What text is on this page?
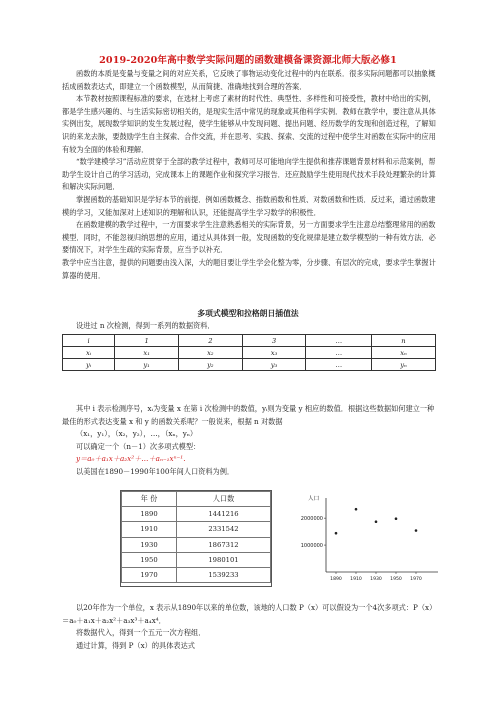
2019-2020年高中数学实际问题的函数建模备课资源北师大版必修1

函数的本质是变量与变量之间的对应关系，它反映了事物运动变化过程中的内在联系．很多实际问题都可以抽象概括成函数表达式，即建立一个函数模型，从而简捷、准确地找到合理的答案．

本节教材按照课程标准的要求，在选材上考虑了素材的时代性、典型性、多样性和可接受性，教材中给出的实例，都是学生感兴趣的、与生活实际密切相关的，是现实生活中常见的现象或其他科学实例．教师在教学中，要注意从具体实例出发，展现数学知识的发生发展过程，使学生能够从中发现问题、提出问题、经历数学的发现和创造过程，了解知识的来龙去脉，要鼓励学生自主探索、合作交流，并在思考、实践、探索、交流的过程中使学生对函数在实际中的应用有较为全面的体验和理解．

“数学建模学习”活动应贯穿于全部的教学过程中，教师可尽可能地向学生提供和推荐课题背景材料和示范案例，帮助学生设计自己的学习活动，完成课本上的课题作业和探究学习报告．还应鼓励学生使用现代技术手段处理繁杂的计算和解决实际问题．

掌握函数的基础知识是学好本节的前提．例如函数概念、指数函数和性质、对数函数和性质．反过来，通过函数建模的学习，又能加深对上述知识的理解和认识，还能提高学生学习数学的积极性．

在函数建模的教学过程中，一方面要求学生注意熟悉相关的实际背景，另一方面要求学生注意总结整理常用的函数模型．同时，不能忽视归纳思想的应用，通过从具体到一般，发现函数的变化规律是建立数学模型的一种有效方法．必要情况下，对学生生疏的实际背景，应当予以补充．

教学中应当注意，提供的问题要由浅入深，大的题目要让学生学会化整为零，分步骤、有层次的完成，要求学生掌握计算器的使用．

多项式模型和拉格朗日插值法
设进过 n 次检测，得到一系列的数据资料．
i	1	2	3	…	n
xᵢ	x₁	x₂	x₃	…	xₙ
yᵢ	y₁	y₂	y₃	…	yₙ

其中 i 表示检测序号，xᵢ为变量 x 在第 i 次检测中的数值，yᵢ则为变量 y 相应的数值．根据这些数据如何建立一种最佳的形式表达变量 x 和 y 的函数关系呢？一般说来，根据 n 对数据

（x₁，y₁），（x₂，y₂），…，（xₙ，yₙ）

可以确定一个（n－1）次多项式模型：

y＝a₀＋a₁x＋a₂x²＋…＋aₙ₋₁xⁿ⁻¹.

以美国在1890－1990年100年间人口资料为例．

年 份	人口数
1890	1441216
1910	2331542
1930	1867312
1950	1980101
1970	1539233
人口
1000000
2000000
1890 1910 1930 1950 1970

以20年作为一个单位，x 表示从1890年以来的单位数，该地的人口数 P（x）可以假设为一个4次多项式：P（x）＝a₀＋a₁x＋a₂x²＋a₃x³＋a₄x⁴．

将数据代入，得到一个五元一次方程组．

通过计算，得到 P（x）的具体表达式
